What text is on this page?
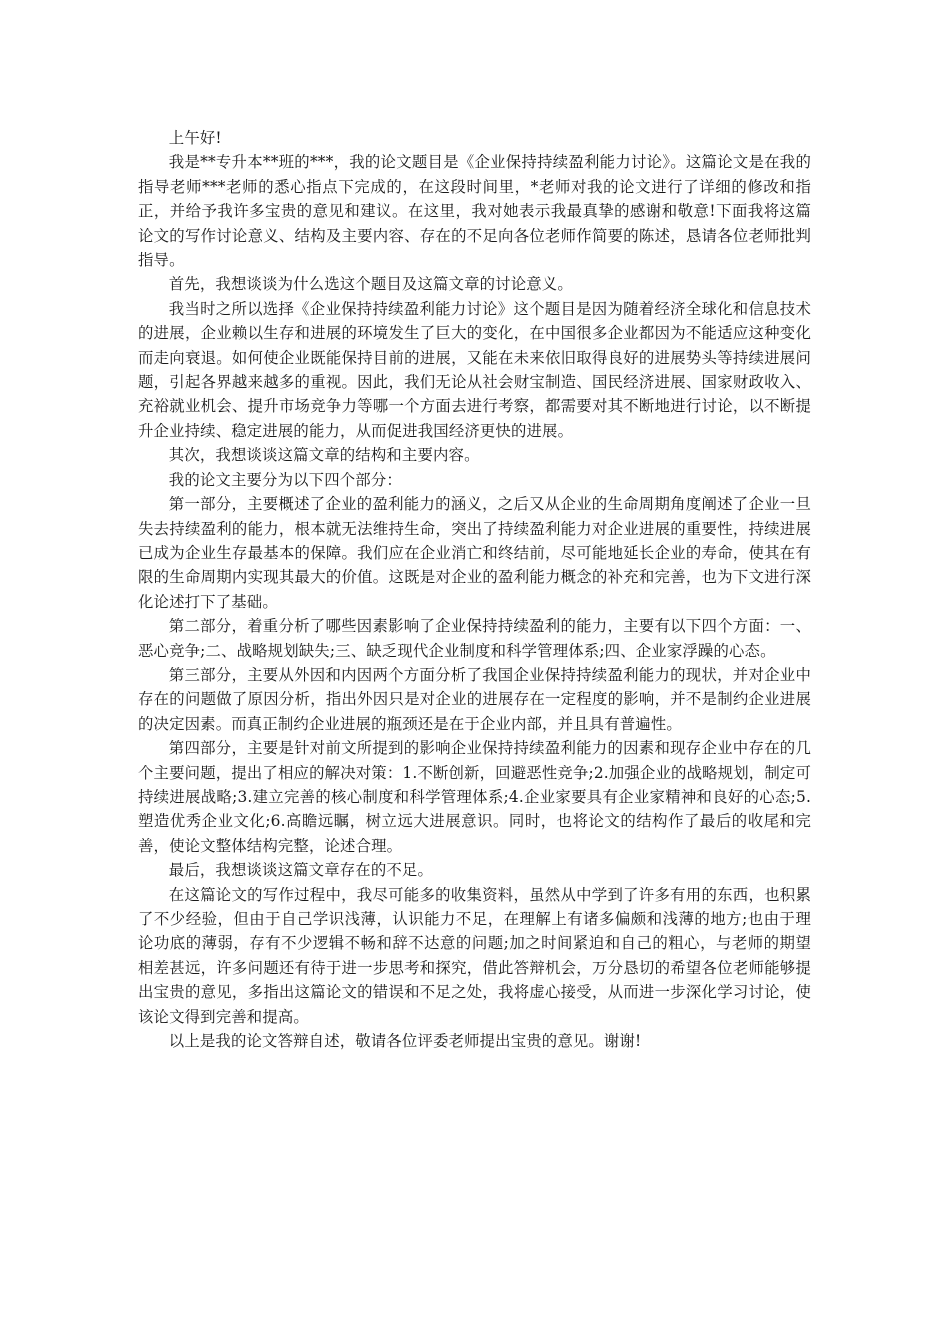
上午好!

我是**专升本**班的***，我的论文题目是《企业保持持续盈利能力讨论》。这篇论文是在我的指导老师***老师的悉心指点下完成的，在这段时间里，*老师对我的论文进行了详细的修改和指正，并给予我许多宝贵的意见和建议。在这里，我对她表示我最真挚的感谢和敬意!下面我将这篇论文的写作讨论意义、结构及主要内容、存在的不足向各位老师作简要的陈述，恳请各位老师批判指导。

首先，我想谈谈为什么选这个题目及这篇文章的讨论意义。

我当时之所以选择《企业保持持续盈利能力讨论》这个题目是因为随着经济全球化和信息技术的进展，企业赖以生存和进展的环境发生了巨大的变化，在中国很多企业都因为不能适应这种变化而走向衰退。如何使企业既能保持目前的进展，又能在未来依旧取得良好的进展势头等持续进展问题，引起各界越来越多的重视。因此，我们无论从社会财宝制造、国民经济进展、国家财政收入、充裕就业机会、提升市场竞争力等哪一个方面去进行考察，都需要对其不断地进行讨论，以不断提升企业持续、稳定进展的能力，从而促进我国经济更快的进展。

其次，我想谈谈这篇文章的结构和主要内容。

我的论文主要分为以下四个部分：

第一部分，主要概述了企业的盈利能力的涵义，之后又从企业的生命周期角度阐述了企业一旦失去持续盈利的能力，根本就无法维持生命，突出了持续盈利能力对企业进展的重要性，持续进展已成为企业生存最基本的保障。我们应在企业消亡和终结前，尽可能地延长企业的寿命，使其在有限的生命周期内实现其最大的价值。这既是对企业的盈利能力概念的补充和完善，也为下文进行深化论述打下了基础。

第二部分，着重分析了哪些因素影响了企业保持持续盈利的能力，主要有以下四个方面：一、恶心竞争;二、战略规划缺失;三、缺乏现代企业制度和科学管理体系;四、企业家浮躁的心态。

第三部分，主要从外因和内因两个方面分析了我国企业保持持续盈利能力的现状，并对企业中存在的问题做了原因分析，指出外因只是对企业的进展存在一定程度的影响，并不是制约企业进展的决定因素。而真正制约企业进展的瓶颈还是在于企业内部，并且具有普遍性。

第四部分，主要是针对前文所提到的影响企业保持持续盈利能力的因素和现存企业中存在的几个主要问题，提出了相应的解决对策：1.不断创新，回避恶性竞争;2.加强企业的战略规划，制定可持续进展战略;3.建立完善的核心制度和科学管理体系;4.企业家要具有企业家精神和良好的心态;5.塑造优秀企业文化;6.高瞻远瞩，树立远大进展意识。同时，也将论文的结构作了最后的收尾和完善，使论文整体结构完整，论述合理。

最后，我想谈谈这篇文章存在的不足。

在这篇论文的写作过程中，我尽可能多的收集资料，虽然从中学到了许多有用的东西，也积累了不少经验，但由于自己学识浅薄，认识能力不足，在理解上有诸多偏颇和浅薄的地方;也由于理论功底的薄弱，存有不少逻辑不畅和辞不达意的问题;加之时间紧迫和自己的粗心，与老师的期望相差甚远，许多问题还有待于进一步思考和探究，借此答辩机会，万分恳切的希望各位老师能够提出宝贵的意见，多指出这篇论文的错误和不足之处，我将虚心接受，从而进一步深化学习讨论，使该论文得到完善和提高。

以上是我的论文答辩自述，敬请各位评委老师提出宝贵的意见。谢谢!
